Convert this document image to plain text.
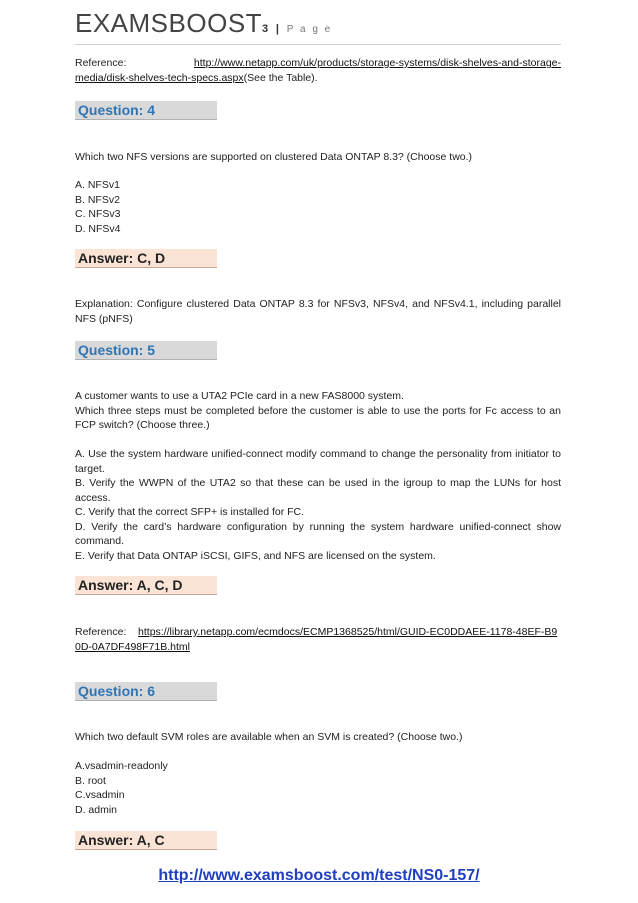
EXAMSBOOST3 | P a g e
Reference:	http://www.netapp.com/uk/products/storage-systems/disk-shelves-and-storage-
media/disk-shelves-tech-specs.aspx(See the Table).
Question: 4
Which two NFS versions are supported on clustered Data ONTAP 8.3? (Choose two.)
A. NFSv1
B. NFSv2
C. NFSv3
D. NFSv4
Answer: C, D
Explanation: Configure clustered Data ONTAP 8.3 for NFSv3, NFSv4, and NFSv4.1, including parallel NFS (pNFS)
Question: 5
A customer wants to use a UTA2 PCIe card in a new FAS8000 system.
Which three steps must be completed before the customer is able to use the ports for Fc access to an FCP switch? (Choose three.)
A. Use the system hardware unified-connect modify command to change the personality from initiator to target.
B. Verify the WWPN of the UTA2 so that these can be used in the igroup to map the LUNs for host access.
C. Verify that the correct SFP+ is installed for FC.
D. Verify the card’s hardware configuration by running the system hardware unified-connect show command.
E. Verify that Data ONTAP iSCSI, GIFS, and NFS are licensed on the system.
Answer: A, C, D
Reference: https://library.netapp.com/ecmdocs/ECMP1368525/html/GUID-EC0DDAEE-1178-48EF-B90D-0A7DF498F71B.html
Question: 6
Which two default SVM roles are available when an SVM is created? (Choose two.)
A.vsadmin-readonly
B. root
C.vsadmin
D. admin
Answer: A, C
http://www.examsboost.com/test/NS0-157/
